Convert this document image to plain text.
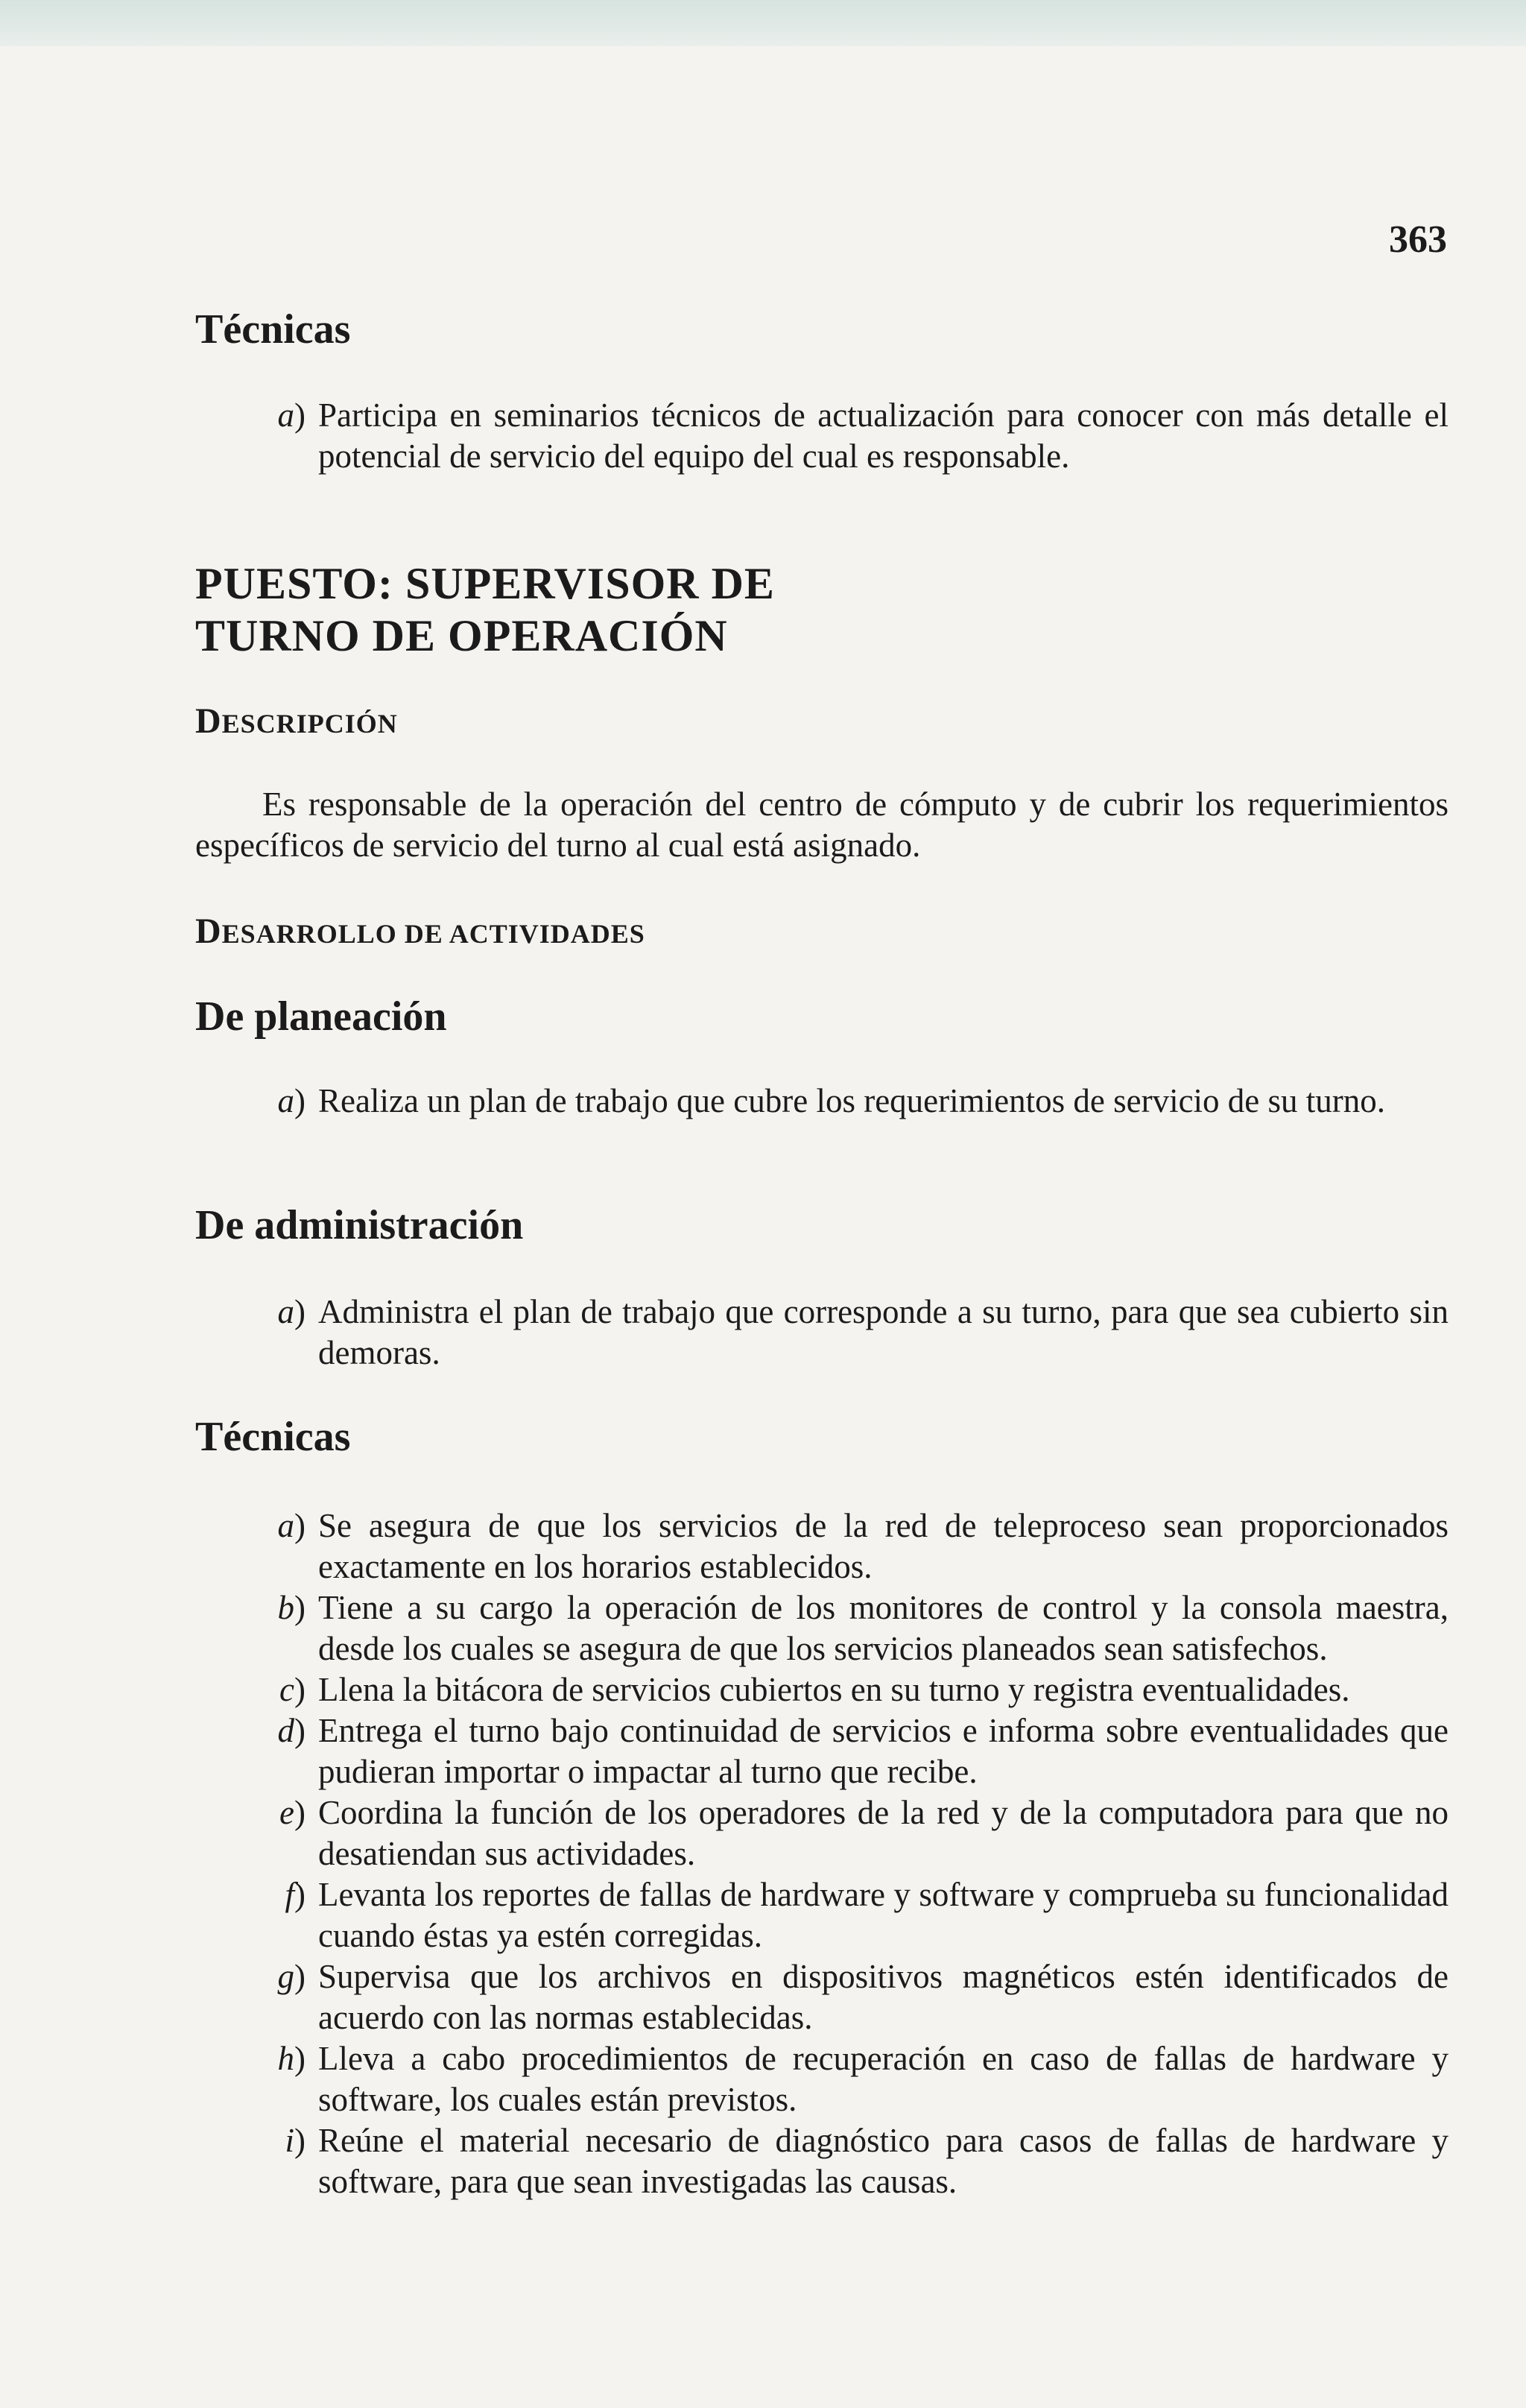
363
Técnicas
a ) Participa en seminarios técnicos de actualización para conocer con más detalle el potencial de servicio del equipo del cual es responsable.
PUESTO: SUPERVISOR DE
TURNO DE OPERACIÓN
DESCRIPCIÓN

Es responsable de la operación del centro de cómputo y de cubrir los requerimientos específicos de servicio del turno al cual está asignado.

DESARROLLO DE ACTIVIDADES
De planeación
a ) Realiza un plan de trabajo que cubre los requerimientos de servicio de su turno.
De administración
a ) Administra el plan de trabajo que corresponde a su turno, para que sea cubierto sin demoras.
Técnicas
a ) Se asegura de que los servicios de la red de teleproceso sean proporcionados exactamente en los horarios establecidos.
b ) Tiene a su cargo la operación de los monitores de control y la consola maestra, desde los cuales se asegura de que los servicios planeados sean satisfechos.
c ) Llena la bitácora de servicios cubiertos en su turno y registra eventualidades.
d ) Entrega el turno bajo continuidad de servicios e informa sobre eventualidades que pudieran importar o impactar al turno que recibe.
e ) Coordina la función de los operadores de la red y de la computadora para que no desatiendan sus actividades.
f ) Levanta los reportes de fallas de hardware y software y comprueba su funcionalidad cuando éstas ya estén corregidas.
g ) Supervisa que los archivos en dispositivos magnéticos estén identificados de acuerdo con las normas establecidas.
h ) Lleva a cabo procedimientos de recuperación en caso de fallas de hardware y software, los cuales están previstos.
i ) Reúne el material necesario de diagnóstico para casos de fallas de hardware y software, para que sean investigadas las causas.
